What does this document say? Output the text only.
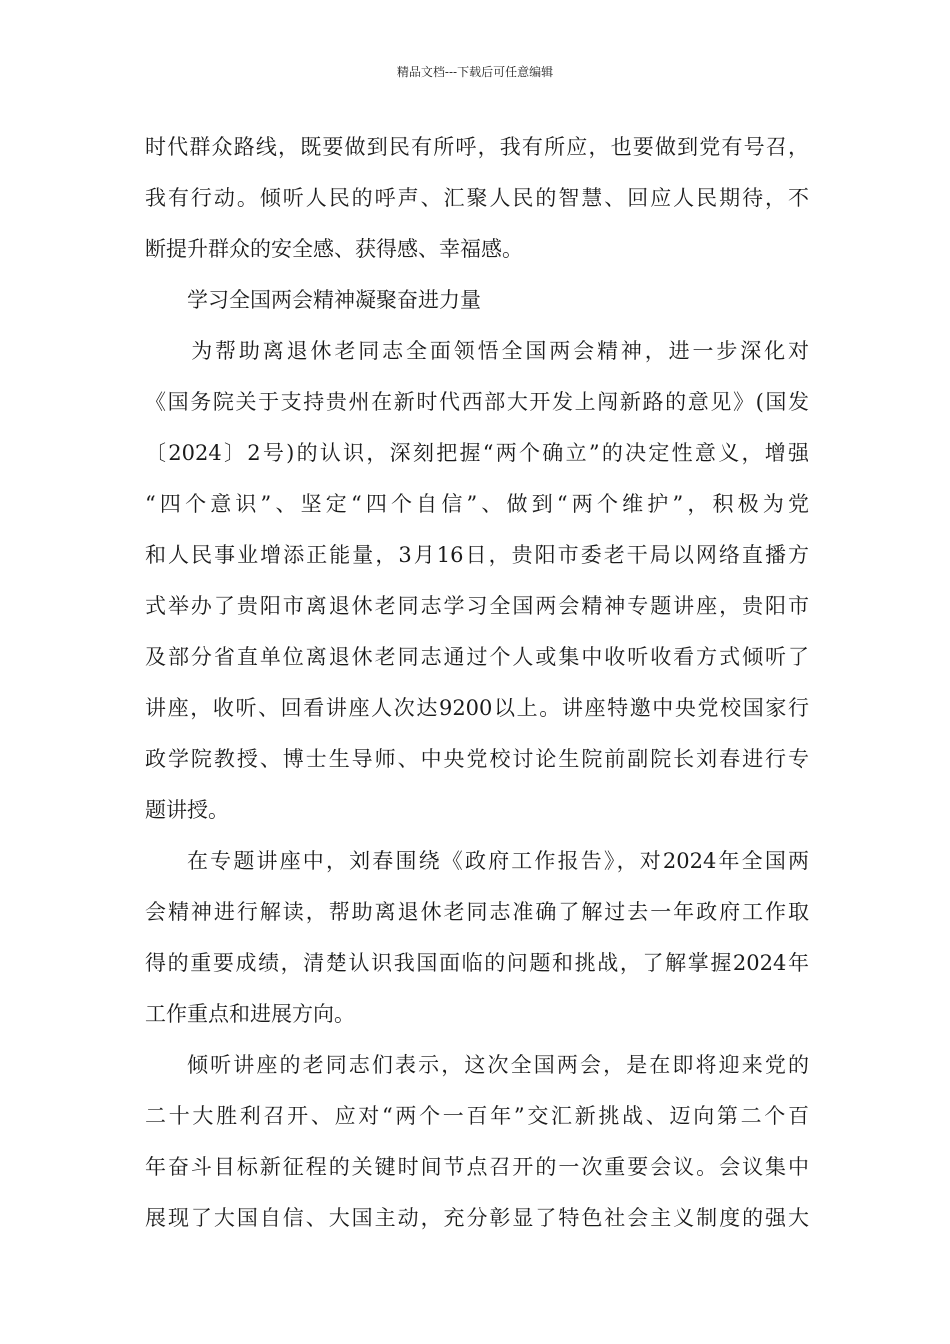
精品文档---下载后可任意编辑

时代群众路线，既要做到民有所呼，我有所应，也要做到党有号召，
我有行动。倾听人民的呼声、汇聚人民的智慧、回应人民期待，不
断提升群众的安全感、获得感、幸福感。

学习全国两会精神凝聚奋进力量

为帮助离退休老同志全面领悟全国两会精神，进一步深化对
《国务院关于支持贵州在新时代西部大开发上闯新路的意见》(国发
〔2024〕2号)的认识，深刻把握“两个确立”的决定性意义，增强
“四个意识”、坚定“四个自信”、做到“两个维护”，积极为党
和人民事业增添正能量，3月16日，贵阳市委老干局以网络直播方
式举办了贵阳市离退休老同志学习全国两会精神专题讲座，贵阳市
及部分省直单位离退休老同志通过个人或集中收听收看方式倾听了
讲座，收听、回看讲座人次达9200以上。讲座特邀中央党校国家行
政学院教授、博士生导师、中央党校讨论生院前副院长刘春进行专
题讲授。

在专题讲座中，刘春围绕《政府工作报告》，对2024年全国两
会精神进行解读，帮助离退休老同志准确了解过去一年政府工作取
得的重要成绩，清楚认识我国面临的问题和挑战，了解掌握2024年
工作重点和进展方向。

倾听讲座的老同志们表示，这次全国两会，是在即将迎来党的
二十大胜利召开、应对“两个一百年”交汇新挑战、迈向第二个百
年奋斗目标新征程的关键时间节点召开的一次重要会议。会议集中
展现了大国自信、大国主动，充分彰显了特色社会主义制度的强大
